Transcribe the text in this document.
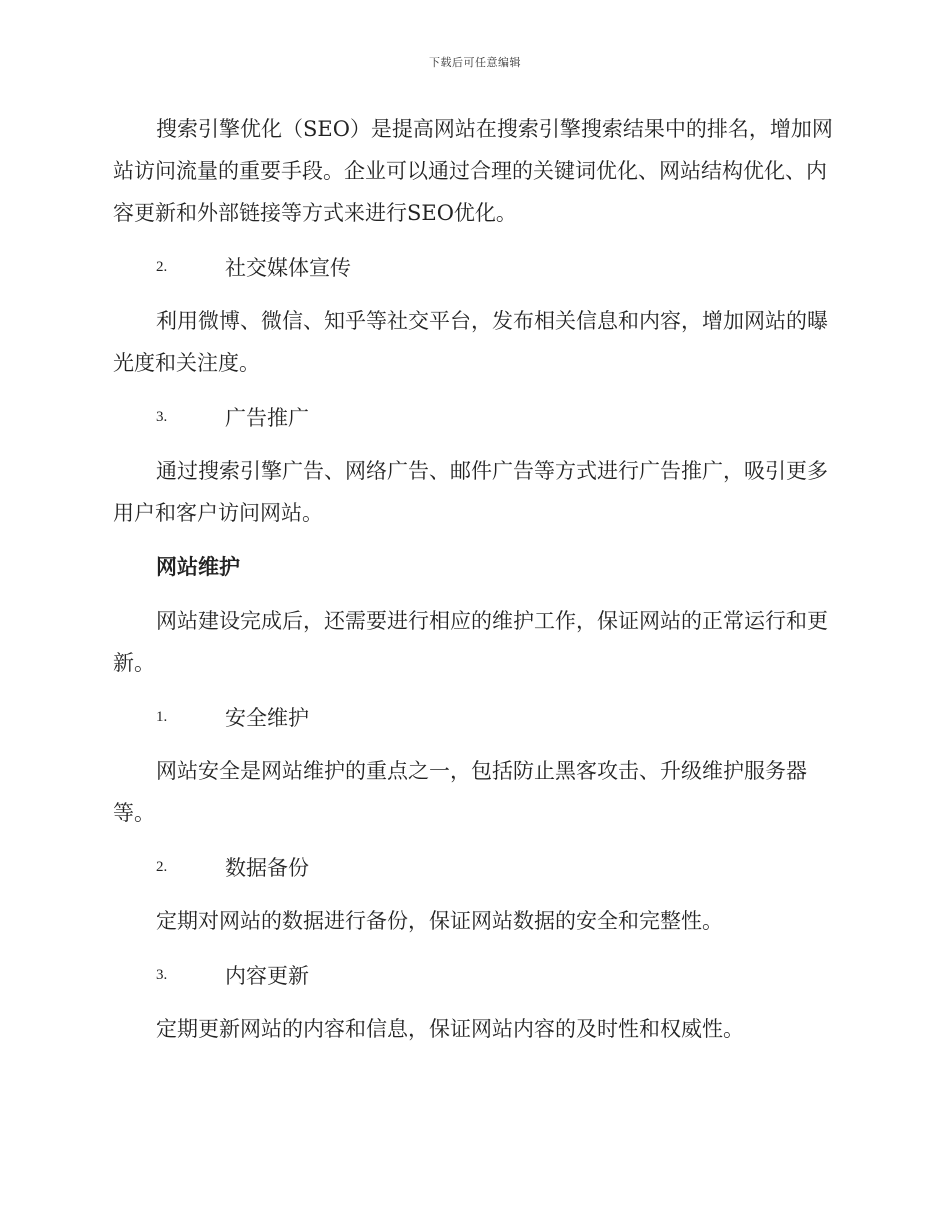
下载后可任意编辑

搜索引擎优化（SEO）是提高网站在搜索引擎搜索结果中的排名，增加网站访问流量的重要手段。企业可以通过合理的关键词优化、网站结构优化、内容更新和外部链接等方式来进行SEO优化。

2.	社交媒体宣传

利用微博、微信、知乎等社交平台，发布相关信息和内容，增加网站的曝光度和关注度。

3.	广告推广

通过搜索引擎广告、网络广告、邮件广告等方式进行广告推广，吸引更多用户和客户访问网站。

网站维护

网站建设完成后，还需要进行相应的维护工作，保证网站的正常运行和更新。

1.	安全维护

网站安全是网站维护的重点之一，包括防止黑客攻击、升级维护服务器等。

2.	数据备份

定期对网站的数据进行备份，保证网站数据的安全和完整性。

3.	内容更新

定期更新网站的内容和信息，保证网站内容的及时性和权威性。
